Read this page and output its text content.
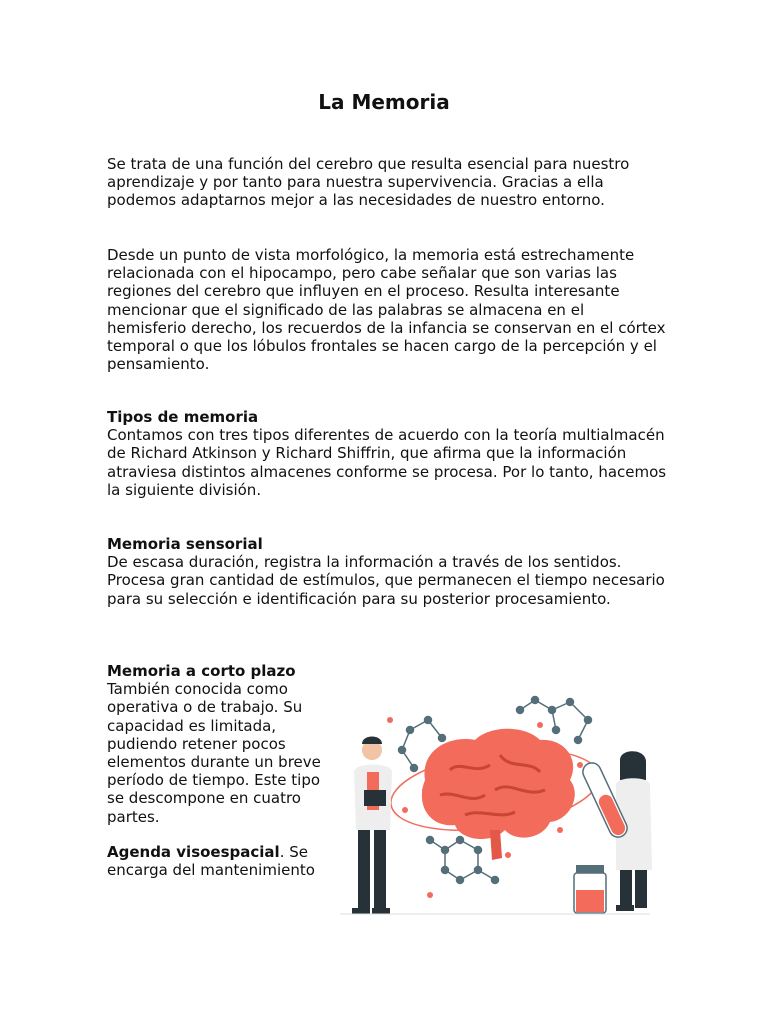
La Memoria

Se trata de una función del cerebro que resulta esencial para nuestro aprendizaje y por tanto para nuestra supervivencia. Gracias a ella podemos adaptarnos mejor a las necesidades de nuestro entorno.

Desde un punto de vista morfológico, la memoria está estrechamente relacionada con el hipocampo, pero cabe señalar que son varias las regiones del cerebro que influyen en el proceso. Resulta interesante mencionar que el significado de las palabras se almacena en el hemisferio derecho, los recuerdos de la infancia se conservan en el córtex temporal o que los lóbulos frontales se hacen cargo de la percepción y el pensamiento.

Tipos de memoria
Contamos con tres tipos diferentes de acuerdo con la teoría multialmacén de Richard Atkinson y Richard Shiffrin, que afirma que la información atraviesa distintos almacenes conforme se procesa. Por lo tanto, hacemos la siguiente división.

Memoria sensorial
De escasa duración, registra la información a través de los sentidos. Procesa gran cantidad de estímulos, que permanecen el tiempo necesario para su selección e identificación para su posterior procesamiento.

Memoria a corto plazo
También conocida como operativa o de trabajo. Su capacidad es limitada, pudiendo retener pocos elementos durante un breve período de tiempo. Este tipo se descompone en cuatro partes.

Agenda visoespacial. Se encarga del mantenimiento
